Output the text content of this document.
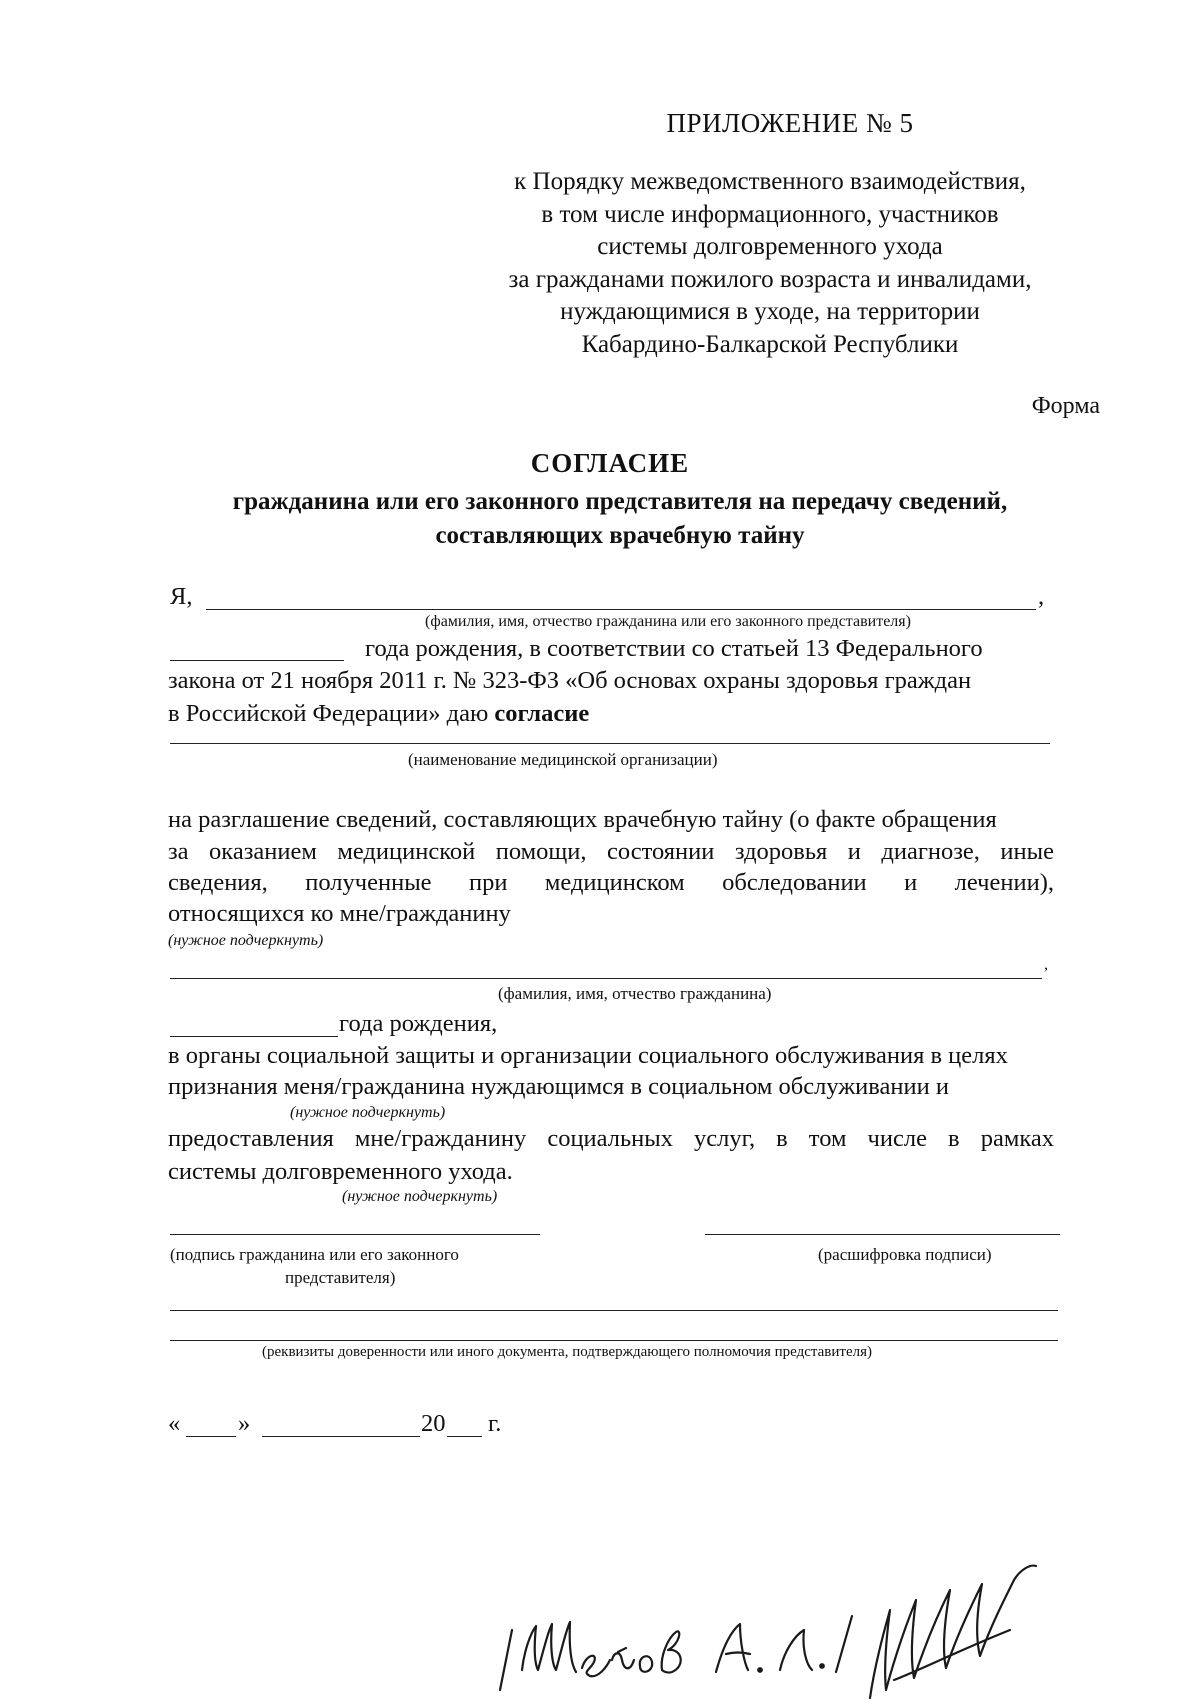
ПРИЛОЖЕНИЕ № 5
к Порядку межведомственного взаимодействия,
в том числе информационного, участников
системы долговременного ухода
за гражданами пожилого возраста и инвалидами,
нуждающимися в уходе, на территории
Кабардино-Балкарской Республики
Форма
СОГЛАСИЕ
гражданина или его законного представителя на передачу сведений,
составляющих врачебную тайну
Я,	,
(фамилия, имя, отчество гражданина или его законного представителя)
года рождения, в соответствии со статьей 13 Федерального
закона от 21 ноября 2011 г. № 323-ФЗ «Об основах охраны здоровья граждан
в Российской Федерации» даю согласие
(наименование медицинской организации)
на разглашение сведений, составляющих врачебную тайну (о факте обращения
за оказанием медицинской помощи, состоянии здоровья и диагнозе, иные
сведения, полученные при медицинском обследовании и лечении),
относящихся ко мне/гражданину
(нужное подчеркнуть)
,
(фамилия, имя, отчество гражданина)
года рождения,
в органы социальной защиты и организации социального обслуживания в целях
признания меня/гражданина нуждающимся в социальном обслуживании и
(нужное подчеркнуть)
предоставления мне/гражданину социальных услуг, в том числе в рамках
системы долговременного ухода.
(нужное подчеркнуть)
(подпись гражданина или его законного
представителя)
(расшифровка подписи)
(реквизиты доверенности или иного документа, подтверждающего полномочия представителя)
« »	20 г.
